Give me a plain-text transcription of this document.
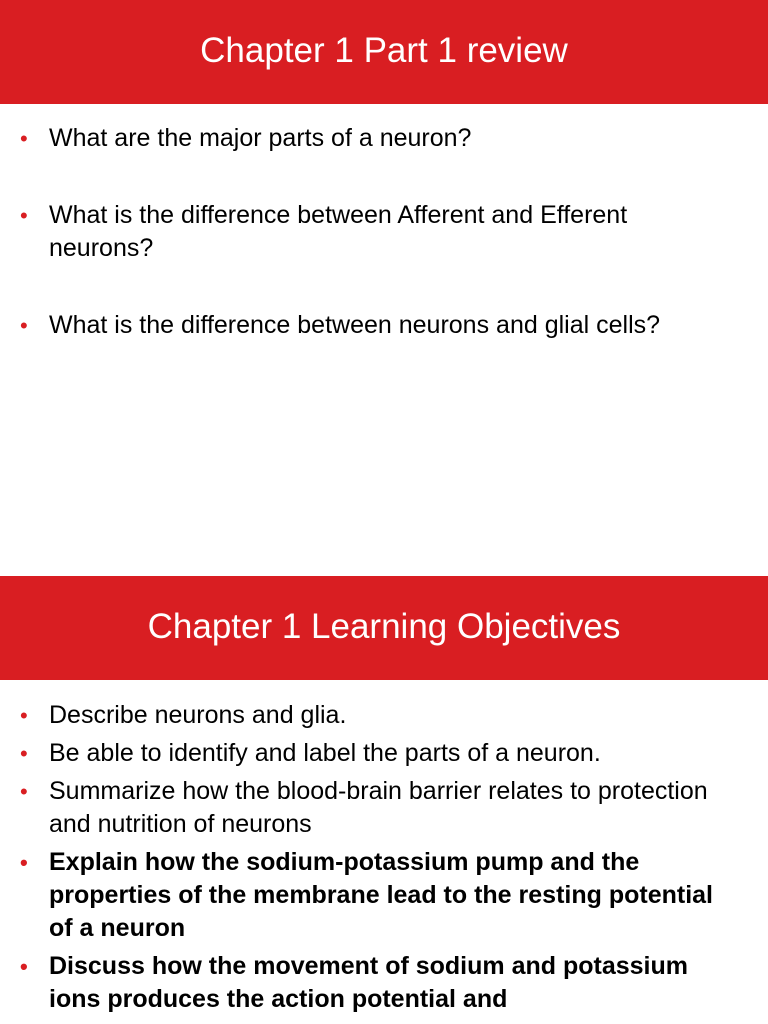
Chapter 1 Part 1 review
• What are the major parts of a neuron?
• What is the difference between Afferent and Efferent neurons?
• What is the difference between neurons and glial cells?
Chapter 1 Learning Objectives
• Describe neurons and glia.
• Be able to identify and label the parts of a neuron.
• Summarize how the blood-brain barrier relates to protection and nutrition of neurons
• Explain how the sodium-potassium pump and the properties of the membrane lead to the resting potential of a neuron
• Discuss how the movement of sodium and potassium ions produces the action potential and
